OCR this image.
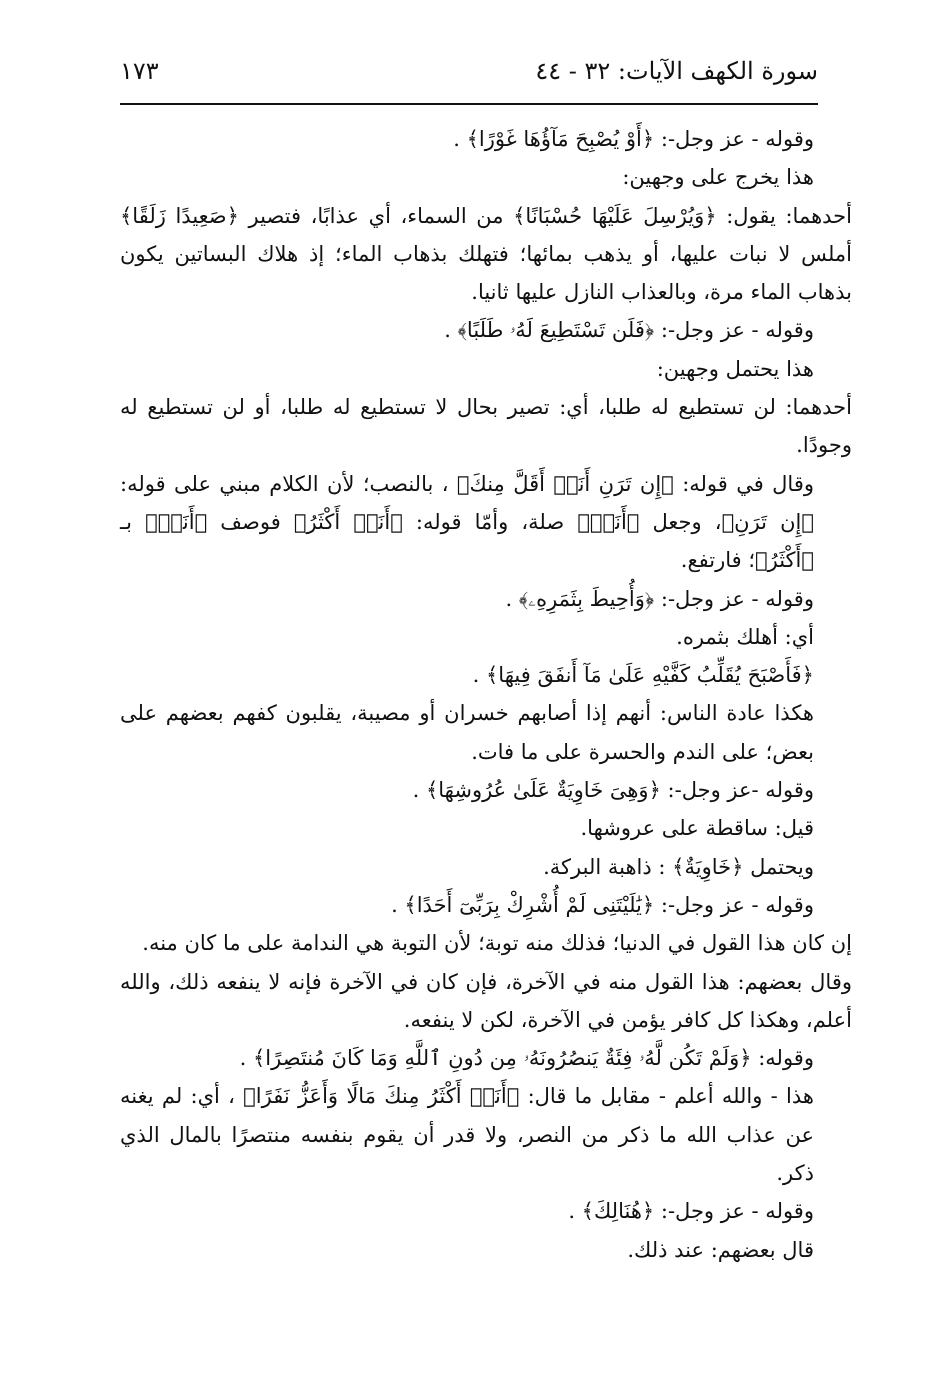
سورة الكهف الآيات: ٣٢ - ٤٤
١٧٣

وقوله - عز وجل-: ﴿أَوْ يُصْبِحَ مَآؤُهَا غَوْرًا﴾ .

هذا يخرج على وجهين:

أحدهما: يقول: ﴿وَيُرْسِلَ عَلَيْهَا حُسْبَانًا﴾ من السماء، أي عذابًا، فتصير ﴿صَعِيدًا زَلَقًا﴾ أملس لا نبات عليها، أو يذهب بمائها؛ فتهلك بذهاب الماء؛ إذ هلاك البساتين يكون بذهاب الماء مرة، وبالعذاب النازل عليها ثانيا.

وقوله - عز وجل-: ﴿فَلَن تَسْتَطِيعَ لَهُۥ طَلَبًا﴾ .

هذا يحتمل وجهين:

أحدهما: لن تستطيع له طلبا، أي: تصير بحال لا تستطيع له طلبا، أو لن تستطيع له وجودًا.

وقال في قوله: ﴿إِن تَرَنِ أَنَا۠ أَقَلَّ مِنكَ﴾ ، بالنصب؛ لأن الكلام مبني على قوله: ﴿إِن تَرَنِ﴾، وجعل ﴿أَنَا۠﴾ صلة، وأمّا قوله: ﴿أَنَا۠ أَكْثَرُ﴾ فوصف ﴿أَنَا۠﴾ بـ ﴿أَكْثَرُ﴾؛ فارتفع.

وقوله - عز وجل-: ﴿وَأُحِيطَ بِثَمَرِهِۦ﴾ .

أي: أهلك بثمره.

﴿فَأَصْبَحَ يُقَلِّبُ كَفَّيْهِ عَلَىٰ مَآ أَنفَقَ فِيهَا﴾ .

هكذا عادة الناس: أنهم إذا أصابهم خسران أو مصيبة، يقلبون كفهم بعضهم على بعض؛ على الندم والحسرة على ما فات.

وقوله -عز وجل-: ﴿وَهِىَ خَاوِيَةٌ عَلَىٰ عُرُوشِهَا﴾ .

قيل: ساقطة على عروشها.

ويحتمل ﴿خَاوِيَةٌ﴾ : ذاهبة البركة.

وقوله - عز وجل-: ﴿يَٰلَيْتَنِى لَمْ أُشْرِكْ بِرَبِّىٓ أَحَدًا﴾ .

إن كان هذا القول في الدنيا؛ فذلك منه توبة؛ لأن التوبة هي الندامة على ما كان منه.

وقال بعضهم: هذا القول منه في الآخرة، فإن كان في الآخرة فإنه لا ينفعه ذلك، والله أعلم، وهكذا كل كافر يؤمن في الآخرة، لكن لا ينفعه.

وقوله: ﴿وَلَمْ تَكُن لَّهُۥ فِئَةٌ يَنصُرُونَهُۥ مِن دُونِ ٱللَّهِ وَمَا كَانَ مُنتَصِرًا﴾ .

هذا - والله أعلم - مقابل ما قال: ﴿أَنَا۠ أَكْثَرُ مِنكَ مَالًا وَأَعَزُّ نَفَرًا﴾ ، أي: لم يغنه عن عذاب الله ما ذكر من النصر، ولا قدر أن يقوم بنفسه منتصرًا بالمال الذي ذكر.

وقوله - عز وجل-: ﴿هُنَالِكَ﴾ .

قال بعضهم: عند ذلك.
